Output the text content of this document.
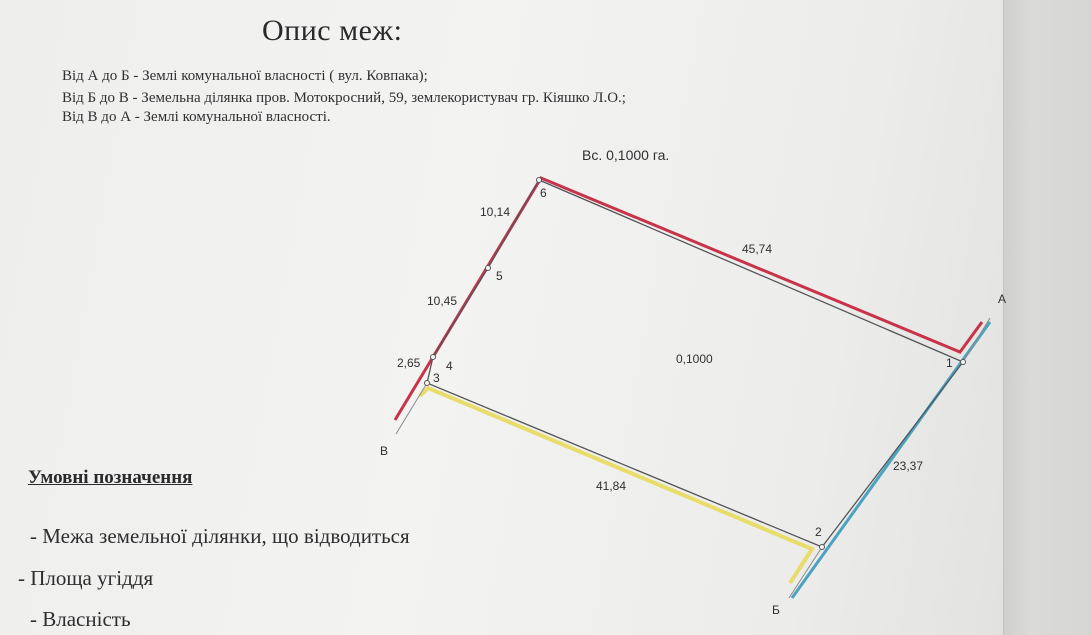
Опис меж:
Від А до Б - Землі комунальної власності ( вул. Ковпака);
Від Б до В - Земельна ділянка пров. Мотокросний, 59, землекористувач гр. Кіяшко Л.О.;
Від В до А - Землі комунальної власності.
Вс. 0,1000 га.
0,1000	1
2
3
4
5
6
А
Б
В
23,37
41,84
2,65
10,45
10,14
45,74
Умовні позначення
- Межа земельної ділянки, що відводиться
- Площа угіддя
- Власність
